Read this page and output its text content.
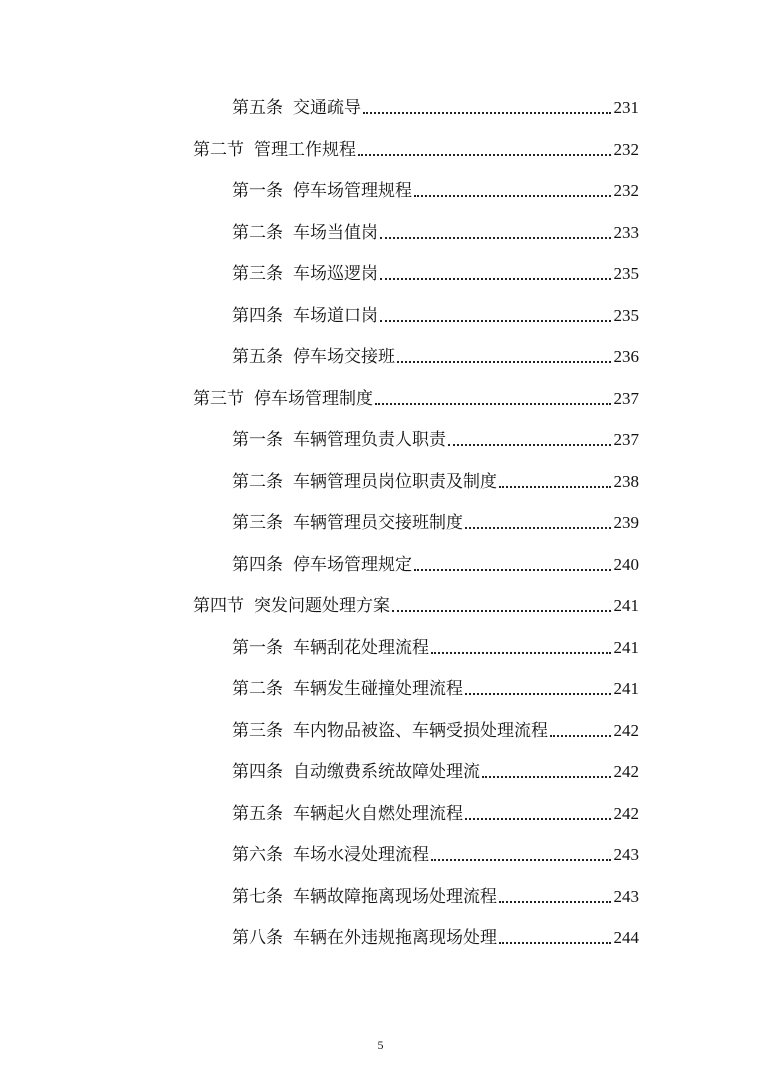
第五条 交通疏导	231
第二节 管理工作规程	232
第一条 停车场管理规程	232
第二条 车场当值岗	233
第三条 车场巡逻岗	235
第四条 车场道口岗	235
第五条 停车场交接班	236
第三节 停车场管理制度	237
第一条 车辆管理负责人职责	237
第二条 车辆管理员岗位职责及制度	238
第三条 车辆管理员交接班制度	239
第四条 停车场管理规定	240
第四节 突发问题处理方案	241
第一条 车辆刮花处理流程	241
第二条 车辆发生碰撞处理流程	241
第三条 车内物品被盗、车辆受损处理流程	242
第四条 自动缴费系统故障处理流	242
第五条 车辆起火自燃处理流程	242
第六条 车场水浸处理流程	243
第七条 车辆故障拖离现场处理流程	243
第八条 车辆在外违规拖离现场处理	244
5
